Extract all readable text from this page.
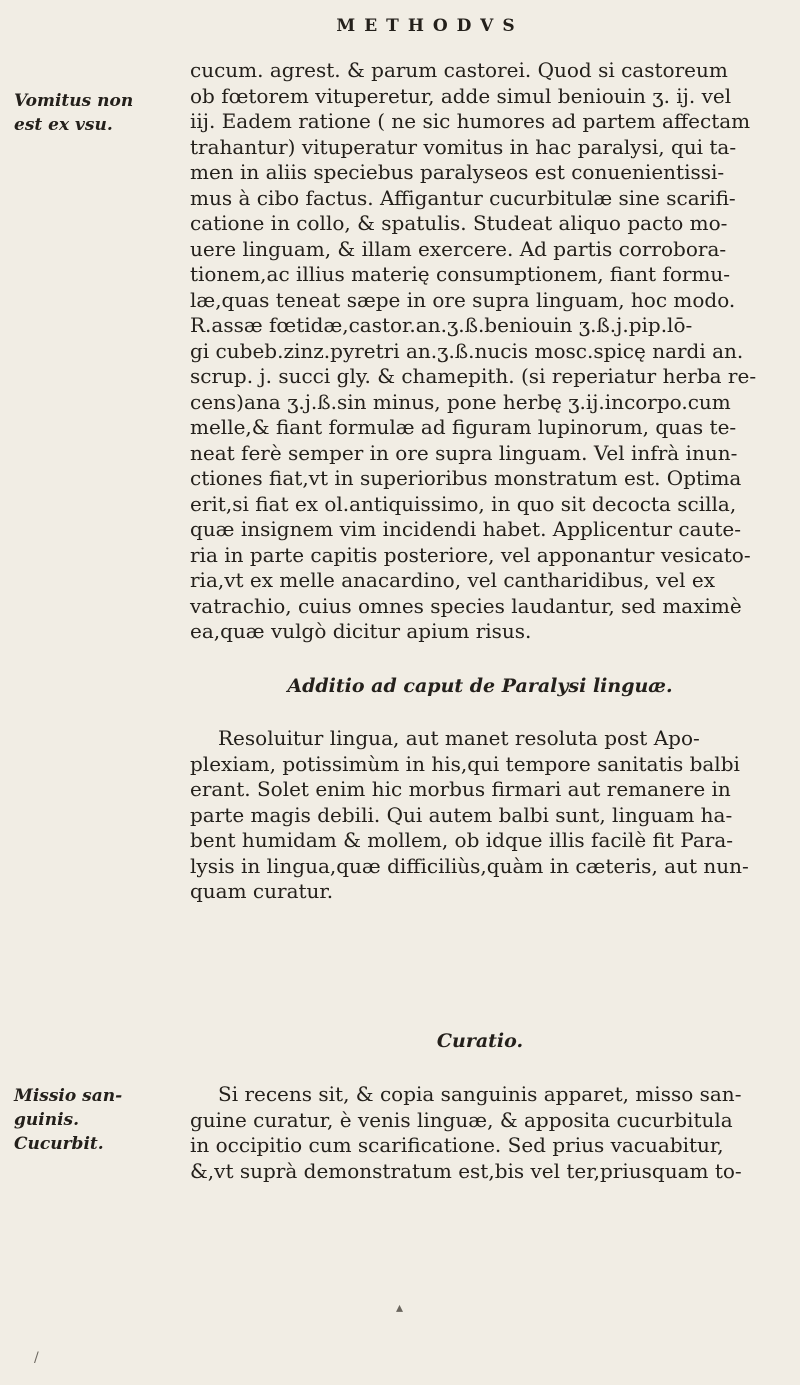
METHODVS
Vomitus non
est ex vsu.
cucum. agrest. & parum castorei. Quod si castoreum
ob fœtorem vituperetur, adde simul beniouin ʒ. ij. vel
iij. Eadem ratione ( ne sic humores ad partem affectam
trahantur) vituperatur vomitus in hac paralysi, qui ta-
men in aliis speciebus paralyseos est conuenientissi-
mus à cibo factus. Affigantur cucurbitulæ sine scarifi-
catione in collo, & spatulis. Studeat aliquo pacto mo-
uere linguam, & illam exercere. Ad partis corrobora-
tionem,ac illius materię consumptionem, fiant formu-
læ,quas teneat sæpe in ore supra linguam, hoc modo.
R.assæ fœtidæ,castor.an.ʒ.ß.beniouin ʒ.ß.j.pip.lō-
gi cubeb.zinz.pyretri an.ʒ.ß.nucis mosc.spicę nardi an.
scrup. j. succi gly. & chamepith. (si reperiatur herba re-
cens)ana ʒ.j.ß.sin minus, pone herbę ʒ.ij.incorpo.cum
melle,& fiant formulæ ad figuram lupinorum, quas te-
neat ferè semper in ore supra linguam. Vel infrà inun-
ctiones fiat,vt in superioribus monstratum est. Optima
erit,si fiat ex ol.antiquissimo, in quo sit decocta scilla,
quæ insignem vim incidendi habet. Applicentur caute-
ria in parte capitis posteriore, vel apponantur vesicato-
ria,vt ex melle anacardino, vel cantharidibus, vel ex
vatrachio, cuius omnes species laudantur, sed maximè
ea,quæ vulgò dicitur apium risus.
Additio ad caput de Paralysi linguæ.
Resoluitur lingua, aut manet resoluta post Apo-
plexiam, potissimùm in his,qui tempore sanitatis balbi
erant. Solet enim hic morbus firmari aut remanere in
parte magis debili. Qui autem balbi sunt, linguam ha-
bent humidam & mollem, ob idque illis facilè fit Para-
lysis in lingua,quæ difficiliùs,quàm in cæteris, aut nun-
quam curatur.
Curatio.
Missio san-
guinis.
Cucurbit.
Si recens sit, & copia sanguinis apparet, misso san-
guine curatur, è venis linguæ, & apposita cucurbitula
in occipitio cum scarificatione. Sed prius vacuabitur,
&,vt suprà demonstratum est,bis vel ter,priusquam to-
▴
/
